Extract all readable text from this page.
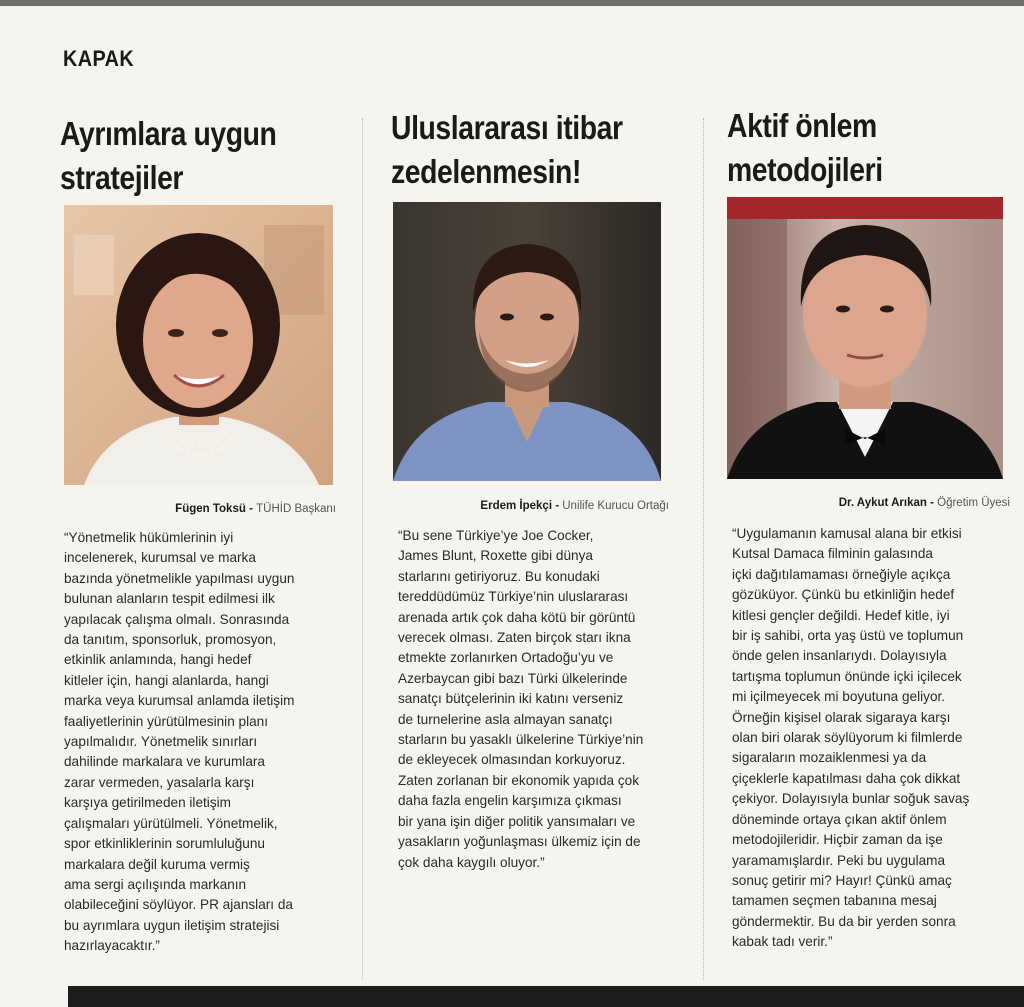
KAPAK
Ayrımlara uygun
stratejiler
Fügen Toksü - TÜHİD Başkanı
“Yönetmelik hükümlerinin iyi
incelenerek, kurumsal ve marka
bazında yönetmelikle yapılması uygun
bulunan alanların tespit edilmesi ilk
yapılacak çalışma olmalı. Sonrasında
da tanıtım, sponsorluk, promosyon,
etkinlik anlamında, hangi hedef
kitleler için, hangi alanlarda, hangi
marka veya kurumsal anlamda iletişim
faaliyetlerinin yürütülmesinin planı
yapılmalıdır. Yönetmelik sınırları
dahilinde markalara ve kurumlara
zarar vermeden, yasalarla karşı
karşıya getirilmeden iletişim
çalışmaları yürütülmeli. Yönetmelik,
spor etkinliklerinin sorumluluğunu
markalara değil kuruma vermiş
ama sergi açılışında markanın
olabileceğini söylüyor. PR ajansları da
bu ayrımlara uygun iletişim stratejisi
hazırlayacaktır.”
Uluslararası itibar
zedelenmesin!
Erdem İpekçi - Unilife Kurucu Ortağı
“Bu sene Türkiye’ye Joe Cocker,
James Blunt, Roxette gibi dünya
starlarını getiriyoruz. Bu konudaki
tereddüdümüz Türkiye’nin uluslararası
arenada artık çok daha kötü bir görüntü
verecek olması. Zaten birçok starı ikna
etmekte zorlanırken Ortadoğu’yu ve
Azerbaycan gibi bazı Türki ülkelerinde
sanatçı bütçelerinin iki katını verseniz
de turnelerine asla almayan sanatçı
starların bu yasaklı ülkelerine Türkiye’nin
de ekleyecek olmasından korkuyoruz.
Zaten zorlanan bir ekonomik yapıda çok
daha fazla engelin karşımıza çıkması
bir yana işin diğer politik yansımaları ve
yasakların yoğunlaşması ülkemiz için de
çok daha kaygılı oluyor.”
Aktif önlem
metodojileri
Dr. Aykut Arıkan - Öğretim Üyesi
“Uygulamanın kamusal alana bir etkisi
Kutsal Damaca filminin galasında
içki dağıtılamaması örneğiyle açıkça
gözüküyor. Çünkü bu etkinliğin hedef
kitlesi gençler değildi. Hedef kitle, iyi
bir iş sahibi, orta yaş üstü ve toplumun
önde gelen insanlarıydı. Dolayısıyla
tartışma toplumun önünde içki içilecek
mi içilmeyecek mi boyutuna geliyor.
Örneğin kişisel olarak sigaraya karşı
olan biri olarak söylüyorum ki filmlerde
sigaraların mozaiklenmesi ya da
çiçeklerle kapatılması daha çok dikkat
çekiyor. Dolayısıyla bunlar soğuk savaş
döneminde ortaya çıkan aktif önlem
metodojileridir. Hiçbir zaman da işe
yaramamışlardır. Peki bu uygulama
sonuç getirir mi? Hayır! Çünkü amaç
tamamen seçmen tabanına mesaj
göndermektir. Bu da bir yerden sonra
kabak tadı verir.”
